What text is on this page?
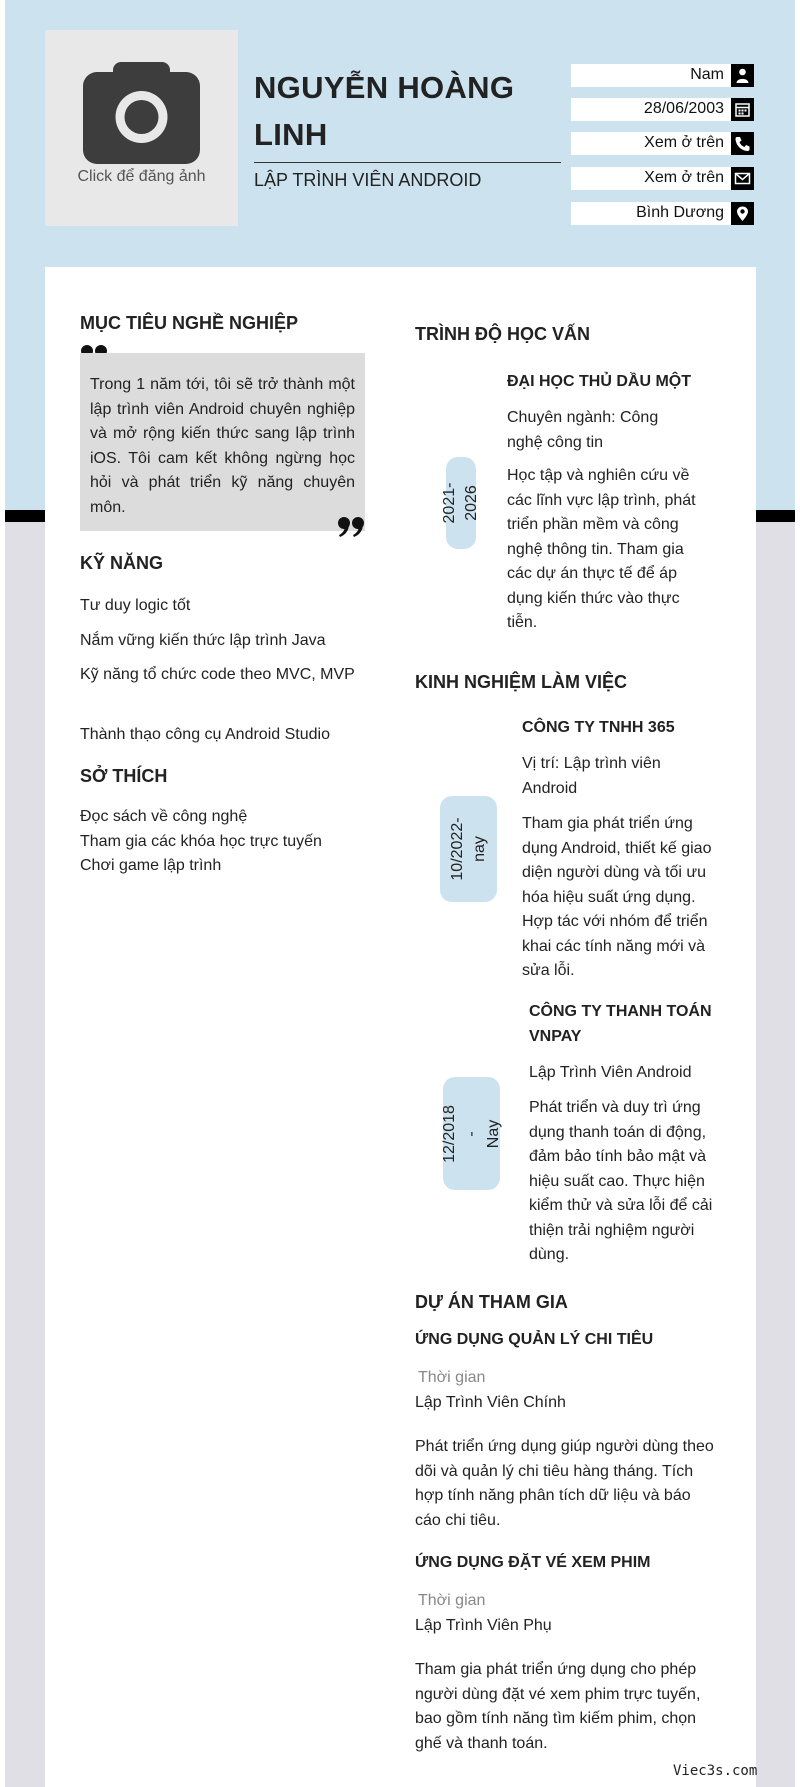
Click để đăng ảnh
NGUYỄN HOÀNG LINH
LẬP TRÌNH VIÊN ANDROID
Nam
28/06/2003
Xem ở trên
Xem ở trên
Bình Dương
MỤC TIÊU NGHỀ NGHIỆP
Trong 1 năm tới, tôi sẽ trở thành một lập trình viên Android chuyên nghiệp và mở rộng kiến thức sang lập trình iOS. Tôi cam kết không ngừng học hỏi và phát triển kỹ năng chuyên môn.
KỸ NĂNG
Tư duy logic tốt
Nắm vững kiến thức lập trình Java
Kỹ năng tổ chức code theo MVC, MVP
Thành thạo công cụ Android Studio
SỞ THÍCH
Đọc sách về công nghệ
Tham gia các khóa học trực tuyến
Chơi game lập trình
TRÌNH ĐỘ HỌC VẤN
2021-2026
ĐẠI HỌC THỦ DẦU MỘT
Chuyên ngành: Công nghệ công tin
Học tập và nghiên cứu về các lĩnh vực lập trình, phát triển phần mềm và công nghệ thông tin. Tham gia các dự án thực tế để áp dụng kiến thức vào thực tiễn.
KINH NGHIỆM LÀM VIỆC
10/2022- nay
CÔNG TY TNHH 365
Vị trí: Lập trình viên Android
Tham gia phát triển ứng dụng Android, thiết kế giao diện người dùng và tối ưu hóa hiệu suất ứng dụng. Hợp tác với nhóm để triển khai các tính năng mới và sửa lỗi.
12/2018 - Nay
CÔNG TY THANH TOÁN VNPAY
Lập Trình Viên Android
Phát triển và duy trì ứng dụng thanh toán di động, đảm bảo tính bảo mật và hiệu suất cao. Thực hiện kiểm thử và sửa lỗi để cải thiện trải nghiệm người dùng.
DỰ ÁN THAM GIA
ỨNG DỤNG QUẢN LÝ CHI TIÊU
Thời gian
Lập Trình Viên Chính
Phát triển ứng dụng giúp người dùng theo dõi và quản lý chi tiêu hàng tháng. Tích hợp tính năng phân tích dữ liệu và báo cáo chi tiêu.
ỨNG DỤNG ĐẶT VÉ XEM PHIM
Thời gian
Lập Trình Viên Phụ
Tham gia phát triển ứng dụng cho phép người dùng đặt vé xem phim trực tuyến, bao gồm tính năng tìm kiếm phim, chọn ghế và thanh toán.
Viec3s.com
